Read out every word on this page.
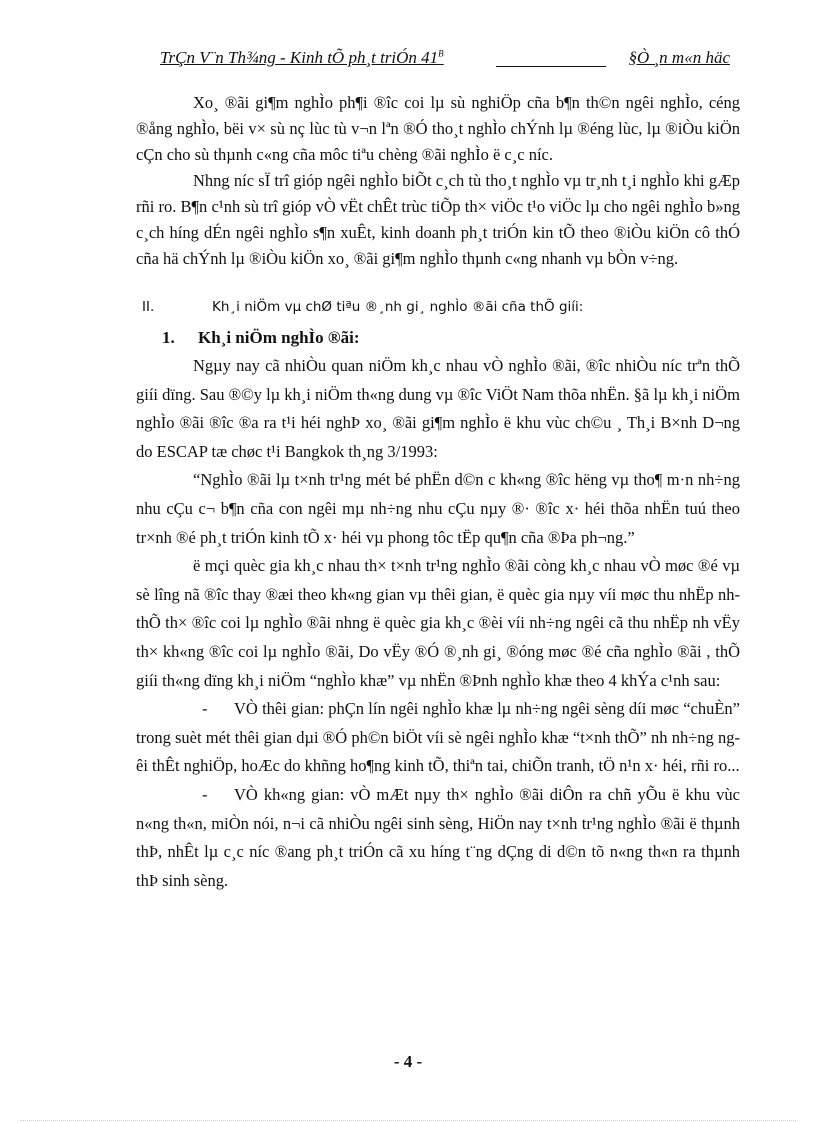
TrÇn V¨n Th¾ng - Kinh tÕ ph¸t triÓn $41^B$	§Ò ¸n m«n häc

Xo¸ ®ãi gi¶m nghÌo ph¶i ®îc coi lµ sù nghiÖp cña b¶n th©n ngêi nghÌo, céng ®ång nghÌo, bëi v× sù nç lùc tù v¬n lªn ®Ó tho¸t nghÌo chÝnh lµ ®éng lùc, lµ ®iÒu kiÖn cÇn cho sù thµnh c«ng cña môc tiªu chèng ®ãi nghÌo ë c¸c níc.

Nhng níc sÏ trî gióp ngêi nghÌo biÕt c¸ch tù tho¸t nghÌo vµ tr¸nh t¸i nghÌo khi gÆp rñi ro. B¶n c¹nh sù trî gióp vÒ vËt chÊt trùc tiÕp th× viÖc t¹o viÖc lµ cho ngêi nghÌo b»ng c¸ch híng dÉn ngêi nghÌo s¶n xuÊt, kinh doanh ph¸t triÓn kin tÕ theo ®iÒu kiÖn cô thÓ cña hä chÝnh lµ ®iÒu kiÖn xo¸ ®ãi gi¶m nghÌo thµnh c«ng nhanh vµ bÒn v÷ng.

II.	Kh¸i niÖm vµ chØ tiªu ®¸nh gi¸ nghÌo ®ãi cña thÕ giíi:
1. Kh¸i niÖm nghÌo ®ãi:

Ngµy nay cã nhiÒu quan niÖm kh¸c nhau vÒ nghÌo ®ãi, ®îc nhiÒu níc trªn thÕ giíi dïng. Sau ®©y lµ kh¸i niÖm th«ng dung vµ ®îc ViÖt Nam thõa nhËn. §ã lµ kh¸i niÖm nghÌo ®ãi ®îc ®a ra t¹i héi nghÞ xo¸ ®ãi gi¶m nghÌo ë khu vùc ch©u ¸ Th¸i B×nh D¬ng do ESCAP tæ chøc t¹i Bangkok th¸ng 3/1993:

“NghÌo ®ãi lµ t×nh tr¹ng mét bé phËn d©n c kh«ng ®îc hëng vµ tho¶ m·n nh÷ng nhu cÇu c¬ b¶n cña con ngêi mµ nh÷ng nhu cÇu nµy ®· ®îc x· héi thõa nhËn tuú theo tr×nh ®é ph¸t triÓn kinh tÕ x· héi vµ phong tôc tËp qu¶n cña ®Þa ph¬ng.”

ë mçi quèc gia kh¸c nhau th× t×nh tr¹ng nghÌo ®ãi còng kh¸c nhau vÒ møc ®é vµ sè lîng nã ®îc thay ®æi theo kh«ng gian vµ thêi gian, ë quèc gia nµy víi møc thu nhËp nh thÕ th× ®îc coi lµ nghÌo ®ãi nhng ë quèc gia kh¸c ®èi víi nh÷ng ngêi cã thu nhËp nh vËy th× kh«ng ®îc coi lµ nghÌo ®ãi, Do vËy ®Ó ®¸nh gi¸ ®óng møc ®é cña nghÌo ®ãi , thÕ giíi th«ng dïng kh¸i niÖm “nghÌo khæ” vµ nhËn ®Þnh nghÌo khæ theo 4 khÝa c¹nh sau:

- VÒ thêi gian: phÇn lín ngêi nghÌo khæ lµ nh÷ng ngêi sèng díi møc “chuÈn” trong suèt mét thêi gian dµi ®Ó ph©n biÖt víi sè ngêi nghÌo khæ “t×nh thÕ” nh nh÷ng ngêi thÊt nghiÖp, hoÆc do khñng ho¶ng kinh tÕ, thiªn tai, chiÕn tranh, tÖ n¹n x· héi, rñi ro...

- VÒ kh«ng gian: vÒ mÆt nµy th× nghÌo ®ãi diÔn ra chñ yÕu ë khu vùc n«ng th«n, miÒn nói, n¬i cã nhiÒu ngêi sinh sèng, HiÖn nay t×nh tr¹ng nghÌo ®ãi ë thµnh thÞ, nhÊt lµ c¸c níc ®ang ph¸t triÓn cã xu híng t¨ng dÇng di d©n tõ n«ng th«n ra thµnh thÞ sinh sèng.

- 4 -
